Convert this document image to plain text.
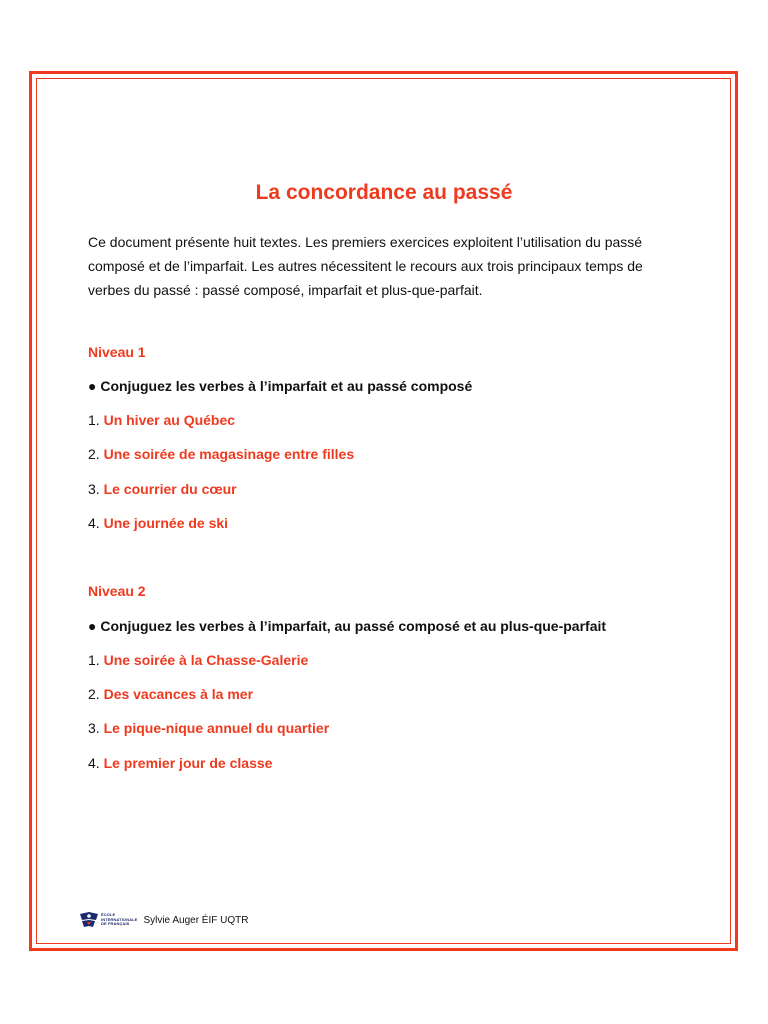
La concordance au passé

Ce document présente huit textes. Les premiers exercices exploitent l’utilisation du passé composé et de l’imparfait. Les autres nécessitent le recours aux trois principaux temps de verbes du passé : passé composé, imparfait et plus-que-parfait.

Niveau 1

● Conjuguez les verbes à l’imparfait et au passé composé

1. Un hiver au Québec

2. Une soirée de magasinage entre filles

3. Le courrier du cœur

4. Une journée de ski

Niveau 2

● Conjuguez les verbes à l’imparfait, au passé composé et au plus-que-parfait

1. Une soirée à la Chasse-Galerie

2. Des vacances à la mer

3. Le pique-nique annuel du quartier

4. Le premier jour de classe

ÉCOLE
INTERNATIONALE
DE FRANÇAIS	Sylvie Auger ÉIF UQTR
